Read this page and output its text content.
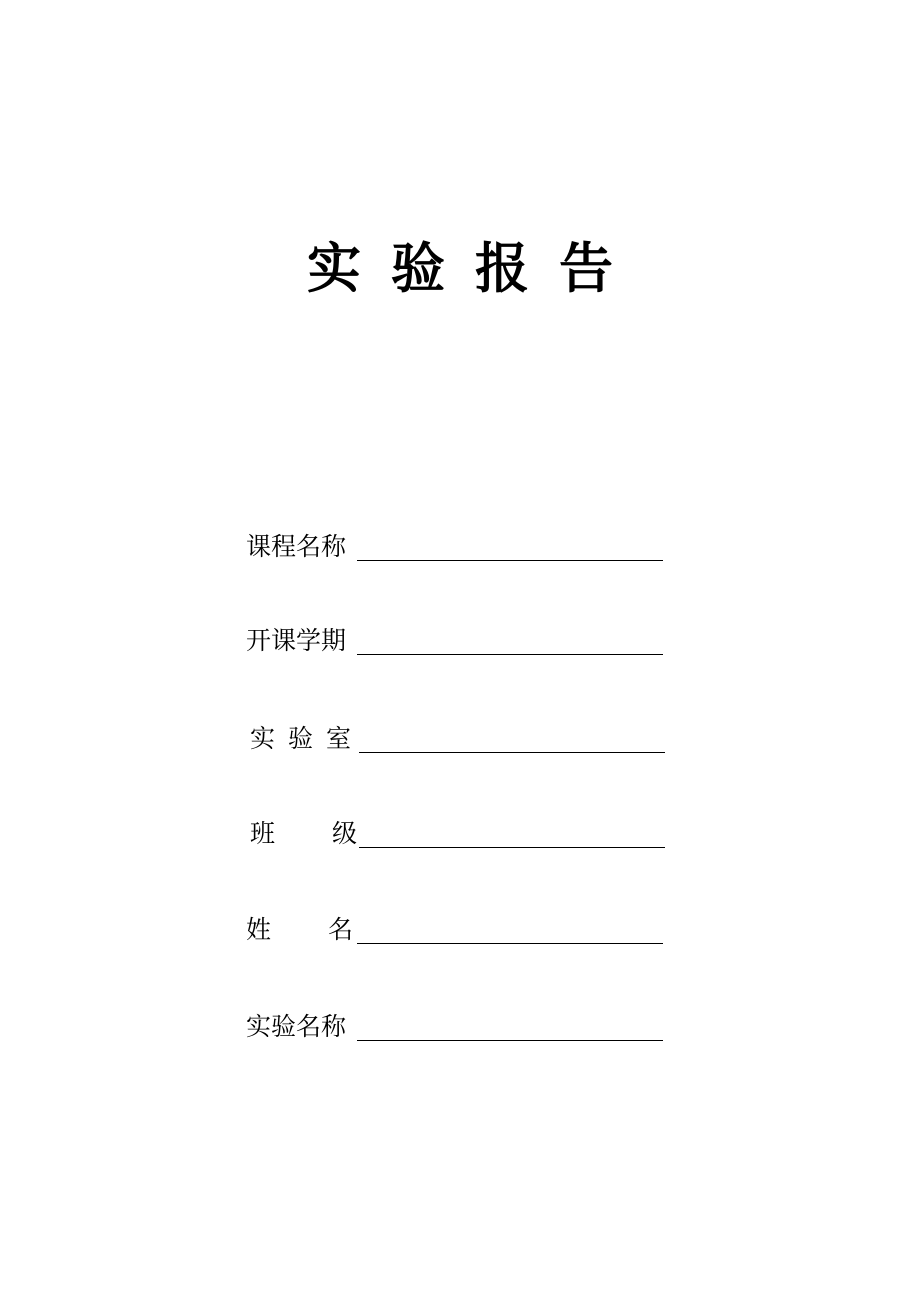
实验报告
课程名称
开课学期
实验室
班级
姓名
实验名称
